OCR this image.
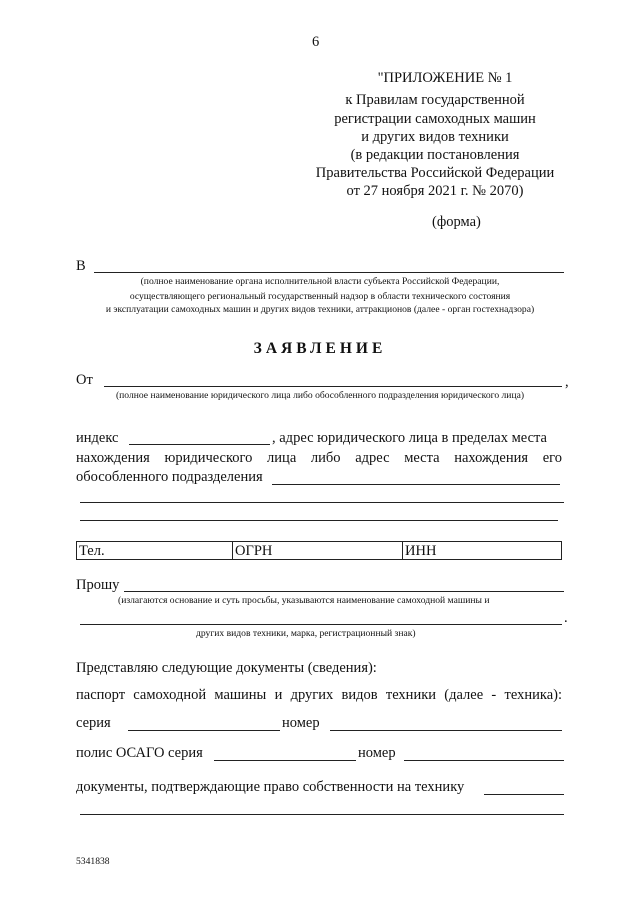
6
"ПРИЛОЖЕНИЕ № 1
к Правилам государственной
регистрации самоходных машин
и других видов техники
(в редакции постановления
Правительства Российской Федерации
от 27 ноября 2021 г. № 2070)
(форма)
В
(полное наименование органа исполнительной власти субъекта Российской Федерации,
осуществляющего региональный государственный надзор в области технического состояния
и эксплуатации самоходных машин и других видов техники, аттракционов (далее - орган гостехнадзора)
ЗАЯВЛЕНИЕ
От	,
(полное наименование юридического лица либо обособленного подразделения юридического лица)
индекс	, адрес юридического лица в пределах места
нахождения юридического лица либо адрес места нахождения его
обособленного подразделения
Тел.	ОГРН	ИНН
Прошу
(излагаются основание и суть просьбы, указываются наименование самоходной машины и
.
других видов техники, марка, регистрационный знак)
Представляю следующие документы (сведения):
паспорт самоходной машины и других видов техники (далее - техника):
серия	номер
полис ОСАГО серия	номер
документы, подтверждающие право собственности на технику
5341838
